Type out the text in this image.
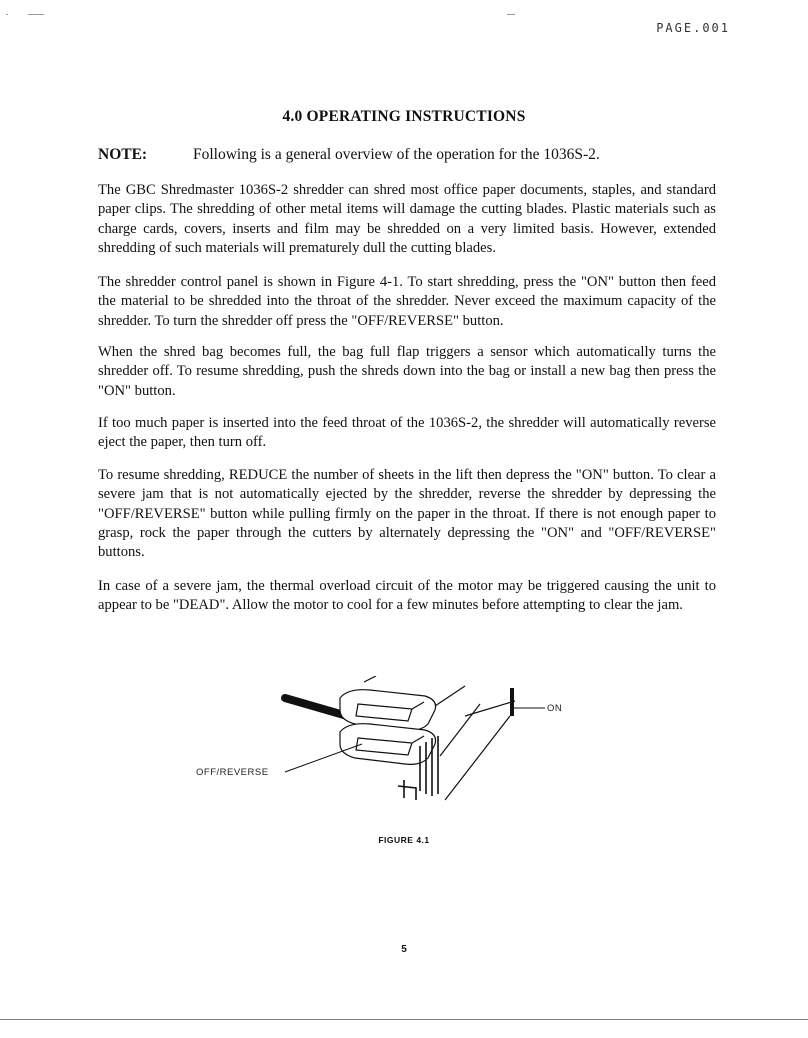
PAGE.001
4.0 OPERATING INSTRUCTIONS
NOTE:	Following is a general overview of the operation for the 1036S-2.

The GBC Shredmaster 1036S-2 shredder can shred most office paper documents, staples, and standard paper clips. The shredding of other metal items will damage the cutting blades. Plastic materials such as charge cards, covers, inserts and film may be shredded on a very limited basis. However, extended shredding of such materials will prematurely dull the cutting blades.

The shredder control panel is shown in Figure 4-1. To start shredding, press the "ON" button then feed the material to be shredded into the throat of the shredder. Never exceed the maximum capacity of the shredder. To turn the shredder off press the "OFF/REVERSE" button.

When the shred bag becomes full, the bag full flap triggers a sensor which automatically turns the shredder off. To resume shredding, push the shreds down into the bag or install a new bag then press the "ON" button.

If too much paper is inserted into the feed throat of the 1036S-2, the shredder will automatically reverse eject the paper, then turn off.

To resume shredding, REDUCE the number of sheets in the lift then depress the "ON" button. To clear a severe jam that is not automatically ejected by the shredder, reverse the shredder by depressing the "OFF/REVERSE" button while pulling firmly on the paper in the throat. If there is not enough paper to grasp, rock the paper through the cutters by alternately depressing the "ON" and "OFF/REVERSE" buttons.

In case of a severe jam, the thermal overload circuit of the motor may be triggered causing the unit to appear to be "DEAD". Allow the motor to cool for a few minutes before attempting to clear the jam.

ON
OFF/REVERSE
FIGURE 4.1
5
